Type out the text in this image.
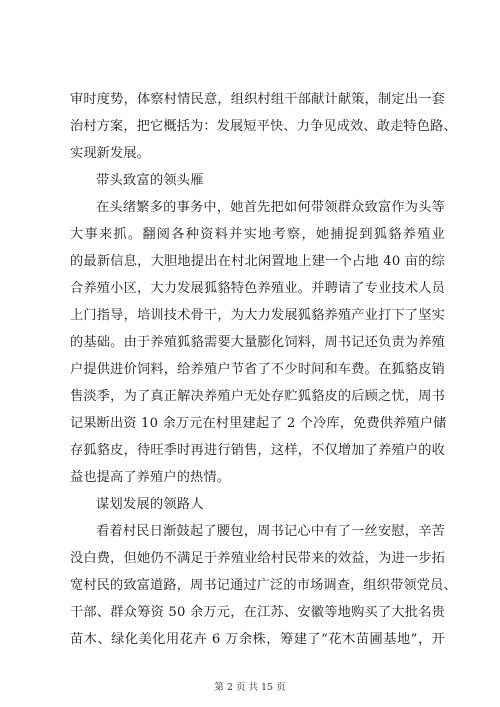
审时度势，体察村情民意，组织村组干部献计献策，制定出一套
治村方案，把它概括为：发展短平快、力争见成效、敢走特色路、
实现新发展。
带头致富的领头雁
在头绪繁多的事务中，她首先把如何带领群众致富作为头等
大事来抓。翻阅各种资料并实地考察，她捕捉到狐貉养殖业
的最新信息，大胆地提出在村北闲置地上建一个占地 40 亩的综
合养殖小区，大力发展狐貉特色养殖业。并聘请了专业技术人员
上门指导，培训技术骨干，为大力发展狐貉养殖产业打下了坚实
的基础。由于养殖狐貉需要大量膨化饲料，周书记还负责为养殖
户提供进价饲料，给养殖户节省了不少时间和车费。在狐貉皮销
售淡季，为了真正解决养殖户无处存贮狐貉皮的后顾之忧，周书
记果断出资 10 余万元在村里建起了 2 个冷库，免费供养殖户储
存狐貉皮，待旺季时再进行销售，这样，不仅增加了养殖户的收
益也提高了养殖户的热情。
谋划发展的领路人
看着村民日渐鼓起了腰包，周书记心中有了一丝安慰，辛苦
没白费，但她仍不满足于养殖业给村民带来的效益，为进一步拓
宽村民的致富道路，周书记通过广泛的市场调查，组织带领党员、
干部、群众筹资 50 余万元，在江苏、安徽等地购买了大批名贵
苗木、绿化美化用花卉 6 万余株，筹建了“花木苗圃基地”，开
第 2 页 共 15 页
